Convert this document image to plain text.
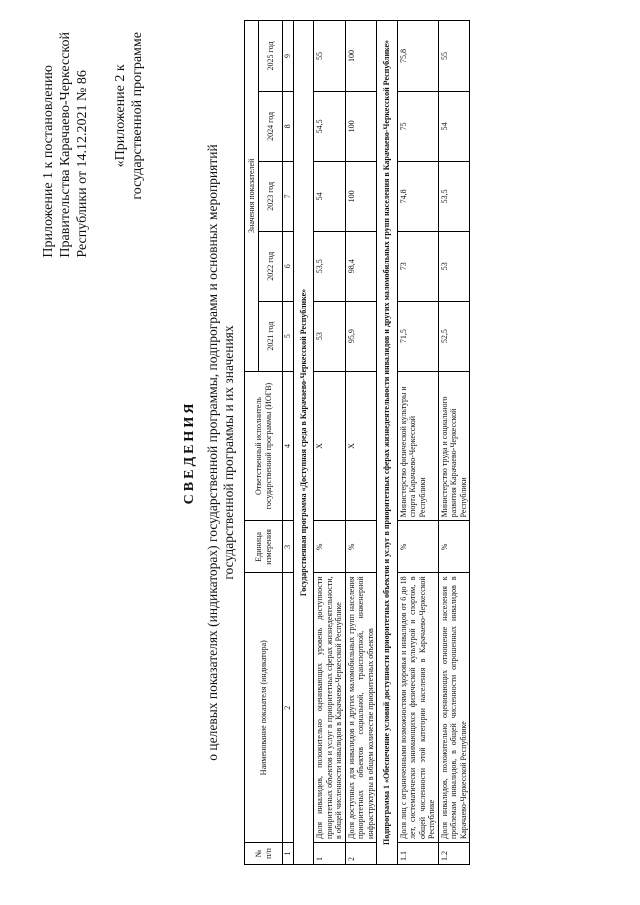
Приложение 1 к постановлению Правительства Карачаево-Черкесской Республики от 14.12.2021 № 86 «Приложение 2 к государственной программе
СВЕДЕНИЯ о целевых показателях (индикаторах) государственной программы, подпрограмм и основных мероприятий государственной программы и их значениях
№ п/п	Наименование показателя (индикатора)	Единица измерения	Ответственный исполнитель государственной программы (ИОГВ)	Значения показателей				
				2021 год	2022 год	2023 год	2024 год	2025 год
1	2	3	4	5	6	7	8	9
Государственная программа «Доступная среда в Карачаево-Черкесской Республике»								
1	Доля инвалидов, положительно оценивающих уровень доступности приоритетных объектов и услуг в приоритетных сферах жизнедеятельности, в общей численности инвалидов в Карачаево-Черкесской Республике	%	Х	53	53,5	54	54,5	55
2	Доля доступных для инвалидов и других маломобильных групп населения приоритетных объектов социальной, транспортной, инженерной инфраструктуры в общем количестве приоритетных объектов	%	Х	95,9	98,4	100	100	100
Подпрограмма 1 «Обеспечение условий доступности приоритетных объектов и услуг в приоритетных сферах жизнедеятельности инвалидов и других маломобильных групп населения в Карачаево-Черкесской Республике»								
1.1	Доля лиц с ограниченными возможностями здоровья и инвалидов от 6 до 18 лет, систематически занимающихся физической культурой и спортом, в общей численности этой категории населения в Карачаево-Черкесской Республике	%	Министерство физической культуры и спорта Карачаево-Черкесской Республики	71,5	73	74,8	75	75,8
1.2	Доля инвалидов, положительно оценивающих отношение населения к проблемам инвалидов, в общей численности опрошенных инвалидов в Карачаево-Черкесской Республике	%	Министерство труда и социального развития Карачаево-Черкесской Республики	52,5	53	53,5	54	55
